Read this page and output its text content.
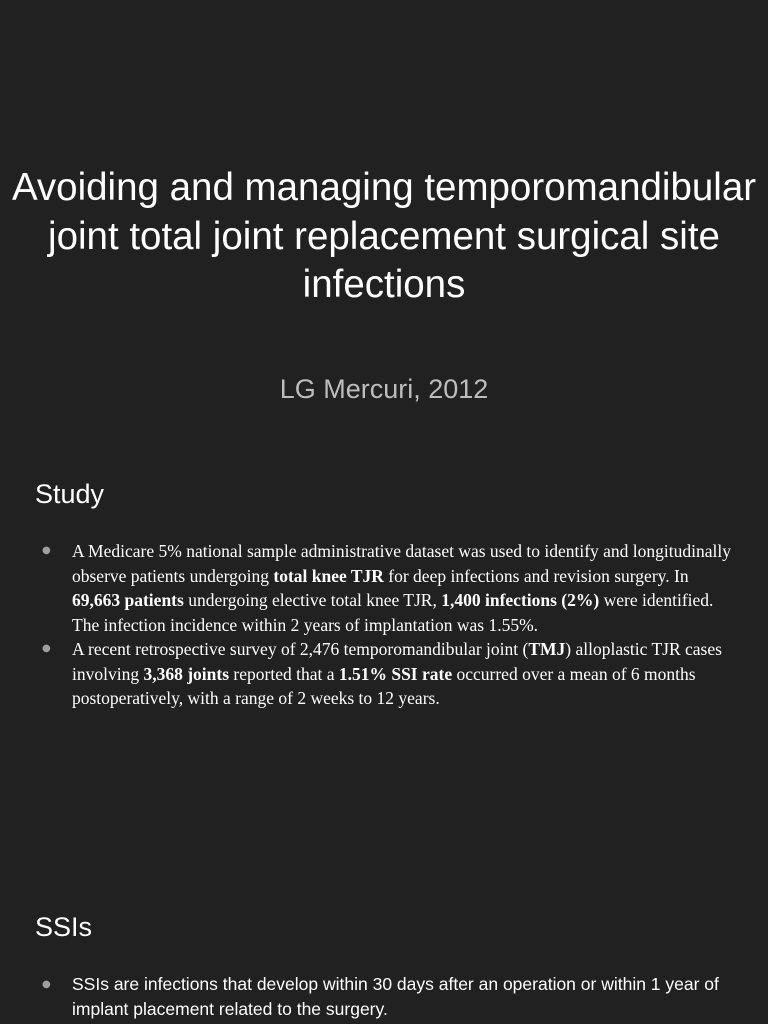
Avoiding and managing temporomandibular joint total joint replacement surgical site infections
LG Mercuri, 2012
Study
● A Medicare 5% national sample administrative dataset was used to identify and longitudinally observe patients undergoing total knee TJR for deep infections and revision surgery. In 69,663 patients undergoing elective total knee TJR, 1,400 infections (2%) were identified. The infection incidence within 2 years of implantation was 1.55%.
● A recent retrospective survey of 2,476 temporomandibular joint (TMJ) alloplastic TJR cases involving 3,368 joints reported that a 1.51% SSI rate occurred over a mean of 6 months postoperatively, with a range of 2 weeks to 12 years.
SSIs
● SSIs are infections that develop within 30 days after an operation or within 1 year of implant placement related to the surgery.
